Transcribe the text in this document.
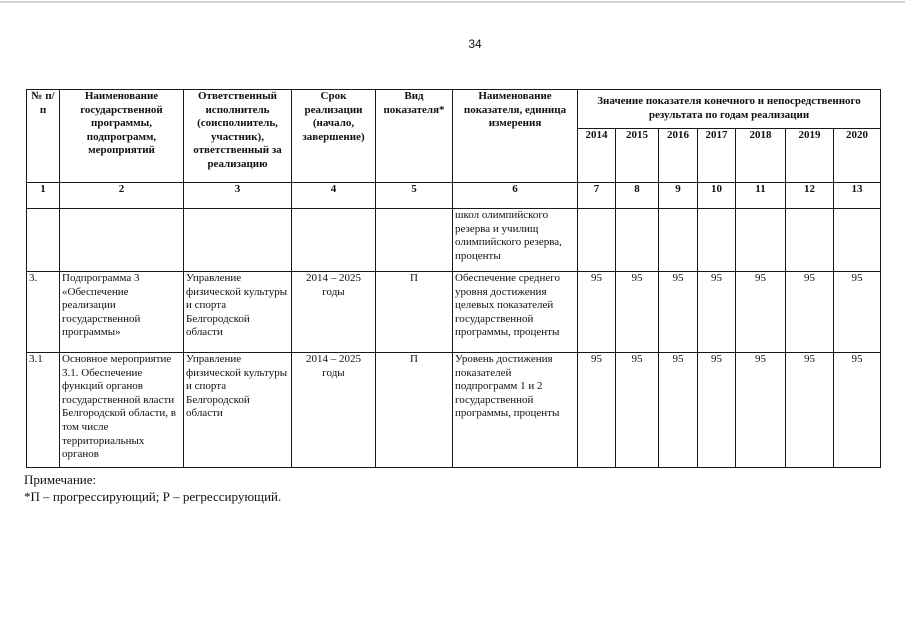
34
№ п/п	Наименование государственной программы, подпрограмм, мероприятий	Ответственный исполнитель (соисполнитель, участник), ответственный за реализацию	Срок реализации (начало, завершение)	Вид показателя*	Наименование показателя, единица измерения	Значение показателя конечного и непосредственного результата по годам реализации						
						2014	2015	2016	2017	2018	2019	2020
1	2	3	4	5	6	7	8	9	10	11	12	13
					школ олимпийского резерва и училищ олимпийского резерва, проценты							
3.	Подпрограмма 3 «Обеспечение реализации государственной программы»	Управление физической культуры и спорта Белгородской области	2014 – 2025 годы	П	Обеспечение среднего уровня достижения целевых показателей государственной программы, проценты	95	95	95	95	95	95	95
3.1	Основное мероприятие 3.1. Обеспечение функций органов государственной власти Белгородской области, в том числе территориальных органов	Управление физической культуры и спорта Белгородской области	2014 – 2025 годы	П	Уровень достижения показателей подпрограмм 1 и 2 государственной программы, проценты	95	95	95	95	95	95	95
Примечание:
*П – прогрессирующий; Р – регрессирующий.
